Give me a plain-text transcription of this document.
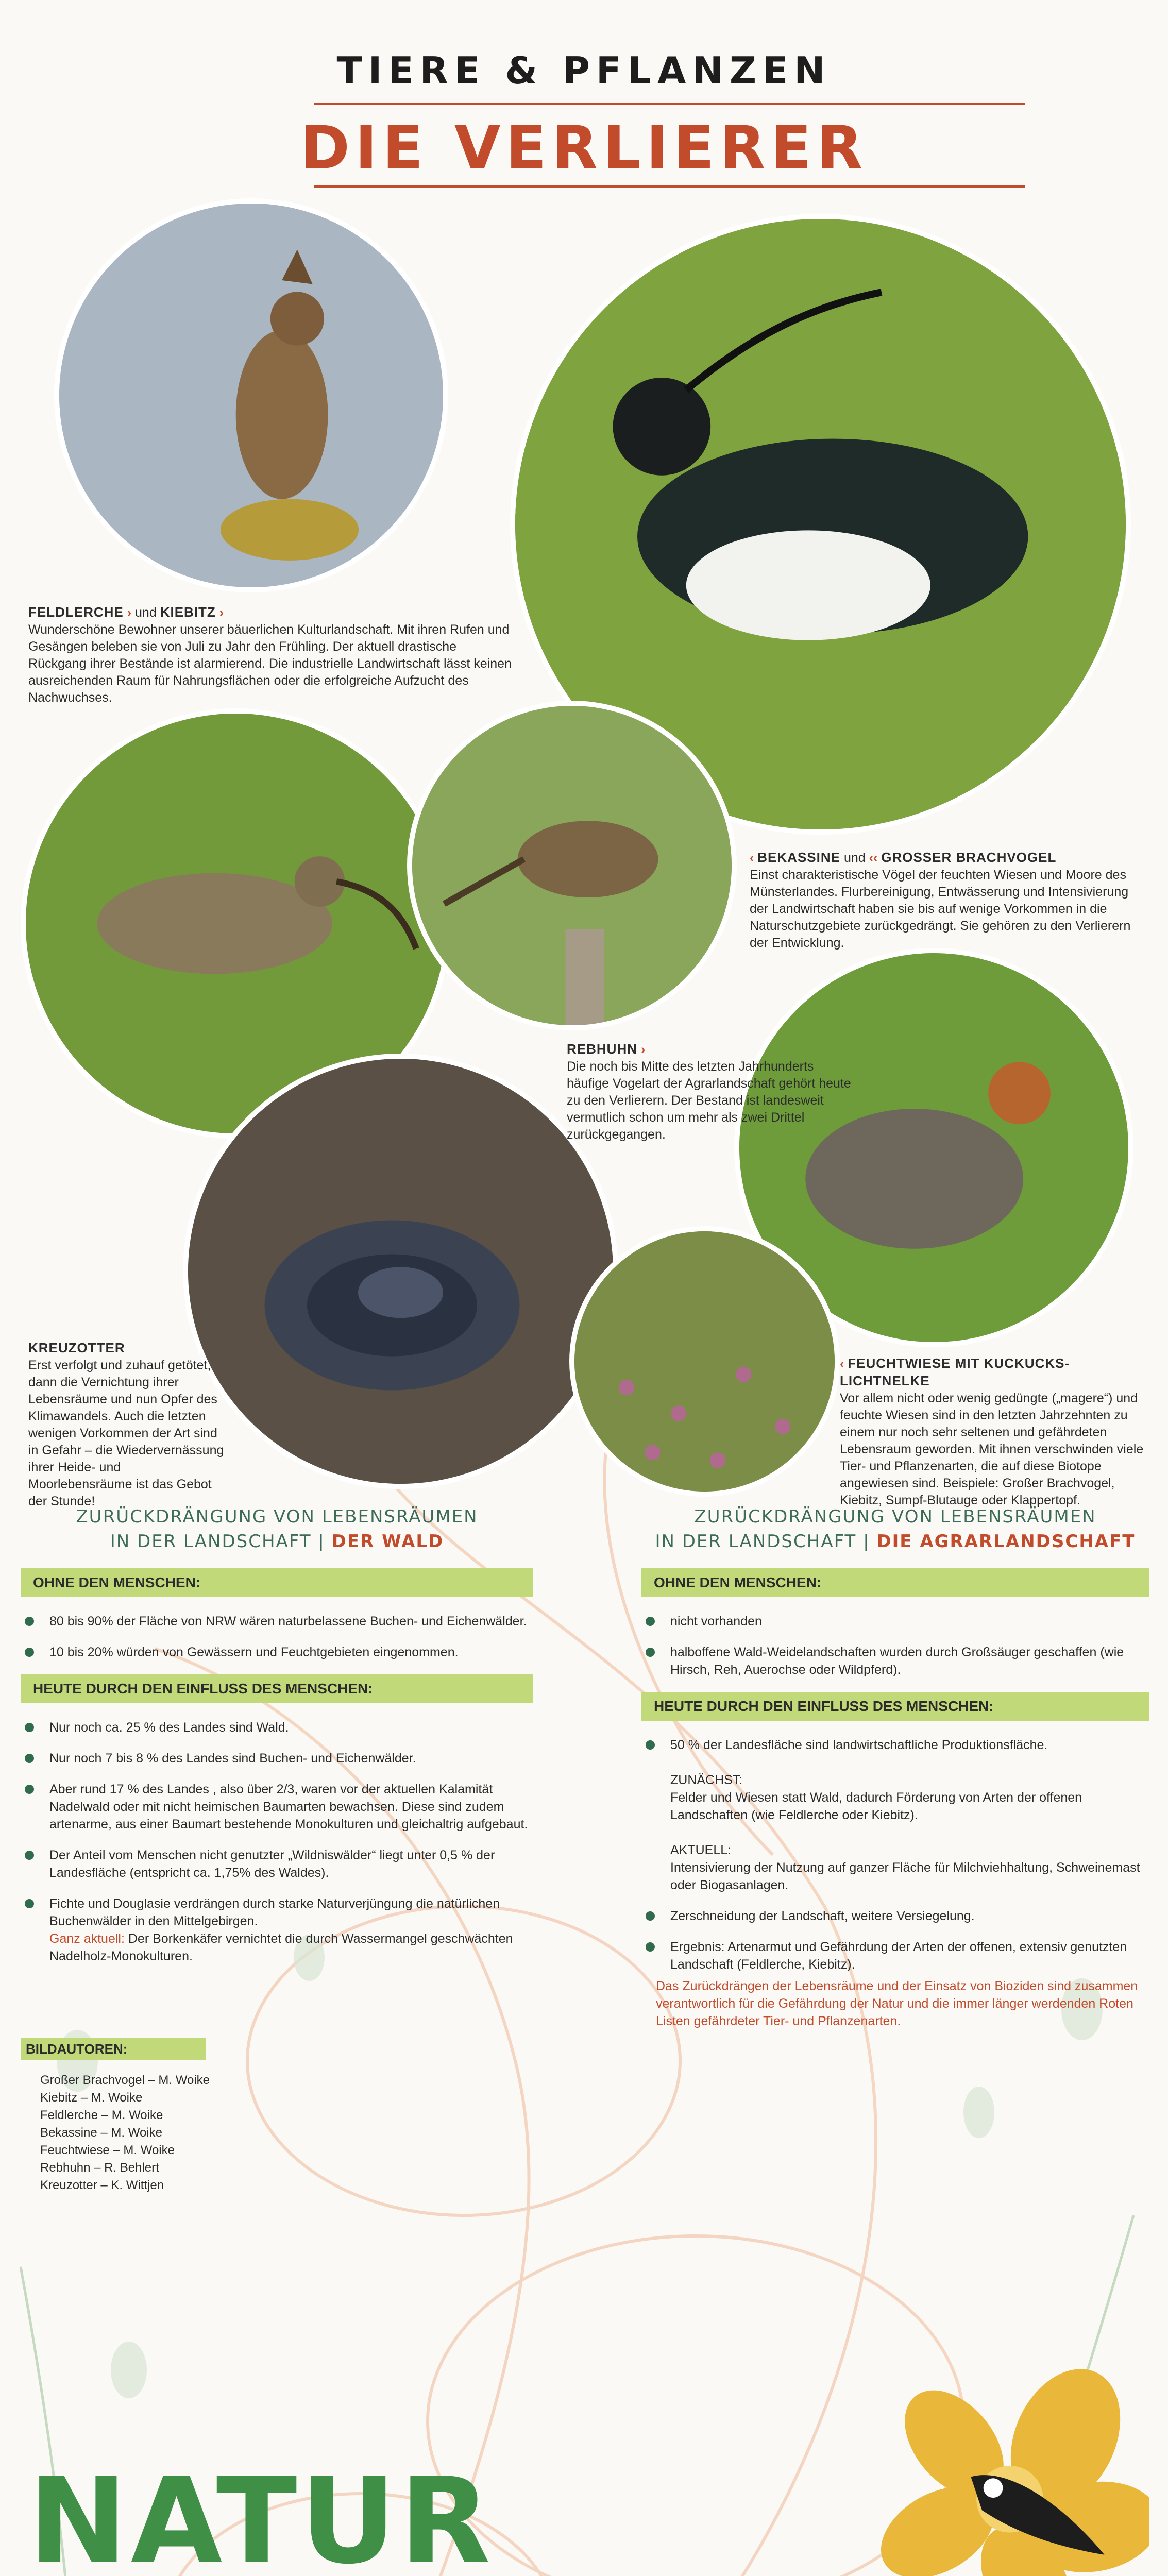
TIERE & PFLANZEN
DIE VERLIERER
FELDLERCHE › und KIEBITZ ›
Wunderschöne Bewohner unserer bäuerlichen Kulturlandschaft. Mit ihren Rufen und Gesängen beleben sie von Juli zu Jahr den Frühling. Der aktuell drastische Rückgang ihrer Bestände ist alarmierend. Die industrielle Landwirtschaft lässt keinen ausreichenden Raum für Nahrungsflächen oder die erfolgreiche Aufzucht des Nachwuchses.
‹ BEKASSINE und ‹‹ GROSSER BRACHVOGEL
Einst charakteristische Vögel der feuchten Wiesen und Moore des Münsterlandes. Flurbereinigung, Entwässerung und Intensivierung der Landwirtschaft haben sie bis auf wenige Vorkommen in die Naturschutzgebiete zurückgedrängt. Sie gehören zu den Verlierern der Entwicklung.
REBHUHN ›
Die noch bis Mitte des letzten Jahrhunderts häufige Vogelart der Agrarlandschaft gehört heute zu den Verlierern. Der Bestand ist landesweit vermutlich schon um mehr als zwei Drittel zurückgegangen.
KREUZOTTER
Erst verfolgt und zuhauf getötet, dann die Vernichtung ihrer Lebensräume und nun Opfer des Klimawandels. Auch die letzten wenigen Vorkommen der Art sind in Gefahr – die Wiedervernässung ihrer Heide- und Moorlebensräume ist das Gebot der Stunde!
‹ FEUCHTWIESE MIT KUCKUCKS-LICHTNELKE
Vor allem nicht oder wenig gedüngte („magere“) und feuchte Wiesen sind in den letzten Jahrzehnten zu einem nur noch sehr seltenen und gefährdeten Lebensraum geworden. Mit ihnen verschwinden viele Tier- und Pflanzenarten, die auf diese Biotope angewiesen sind. Beispiele: Großer Brachvogel, Kiebitz, Sumpf-Blutauge oder Klappertopf.
ZURÜCKDRÄNGUNG VON LEBENSRÄUMEN
IN DER LANDSCHAFT | DER WALD
OHNE DEN MENSCHEN:
80 bis 90% der Fläche von NRW wären naturbelassene Buchen- und Eichenwälder.
10 bis 20% würden von Gewässern und Feuchtgebieten eingenommen.
HEUTE DURCH DEN EINFLUSS DES MENSCHEN:
Nur noch ca. 25 % des Landes sind Wald.
Nur noch 7 bis 8 % des Landes sind Buchen- und Eichenwälder.
Aber rund 17 % des Landes , also über 2/3, waren vor der aktuellen Kalamität Nadelwald oder mit nicht heimischen Baumarten bewachsen. Diese sind zudem artenarme, aus einer Baumart bestehende Monokulturen und gleichaltrig aufgebaut.
Der Anteil vom Menschen nicht genutzter „Wildniswälder“ liegt unter 0,5 % der Landesfläche (entspricht ca. 1,75% des Waldes).
Fichte und Douglasie verdrängen durch starke Naturverjüngung die natürlichen Buchenwälder in den Mittelgebirgen.
Ganz aktuell: Der Borkenkäfer vernichtet die durch Wassermangel geschwächten Nadelholz-Monokulturen.
ZURÜCKDRÄNGUNG VON LEBENSRÄUMEN
IN DER LANDSCHAFT | DIE AGRARLANDSCHAFT
OHNE DEN MENSCHEN:
nicht vorhanden
halboffene Wald-Weidelandschaften wurden durch Großsäuger geschaffen (wie Hirsch, Reh, Auerochse oder Wildpferd).
HEUTE DURCH DEN EINFLUSS DES MENSCHEN:
50 % der Landesfläche sind landwirtschaftliche Produktionsfläche.

ZUNÄCHST:
Felder und Wiesen statt Wald, dadurch Förderung von Arten der offenen Landschaften (wie Feldlerche oder Kiebitz).

AKTUELL:
Intensivierung der Nutzung auf ganzer Fläche für Milchviehhaltung, Schweinemast oder Biogasanlagen.
Zerschneidung der Landschaft, weitere Versiegelung.
Ergebnis: Artenarmut und Gefährdung der Arten der offenen, extensiv genutzten Landschaft (Feldlerche, Kiebitz).
Das Zurückdrängen der Lebensräume und der Einsatz von Bioziden sind zusammen verantwortlich für die Gefährdung der Natur und die immer länger werdenden Roten Listen gefährdeter Tier- und Pflanzenarten.
BILDAUTOREN:
Großer Brachvogel – M. Woike
Kiebitz – M. Woike
Feldlerche – M. Woike
Bekassine – M. Woike
Feuchtwiese – M. Woike
Rebhuhn – R. Behlert
Kreuzotter – K. Wittjen
NATUR
